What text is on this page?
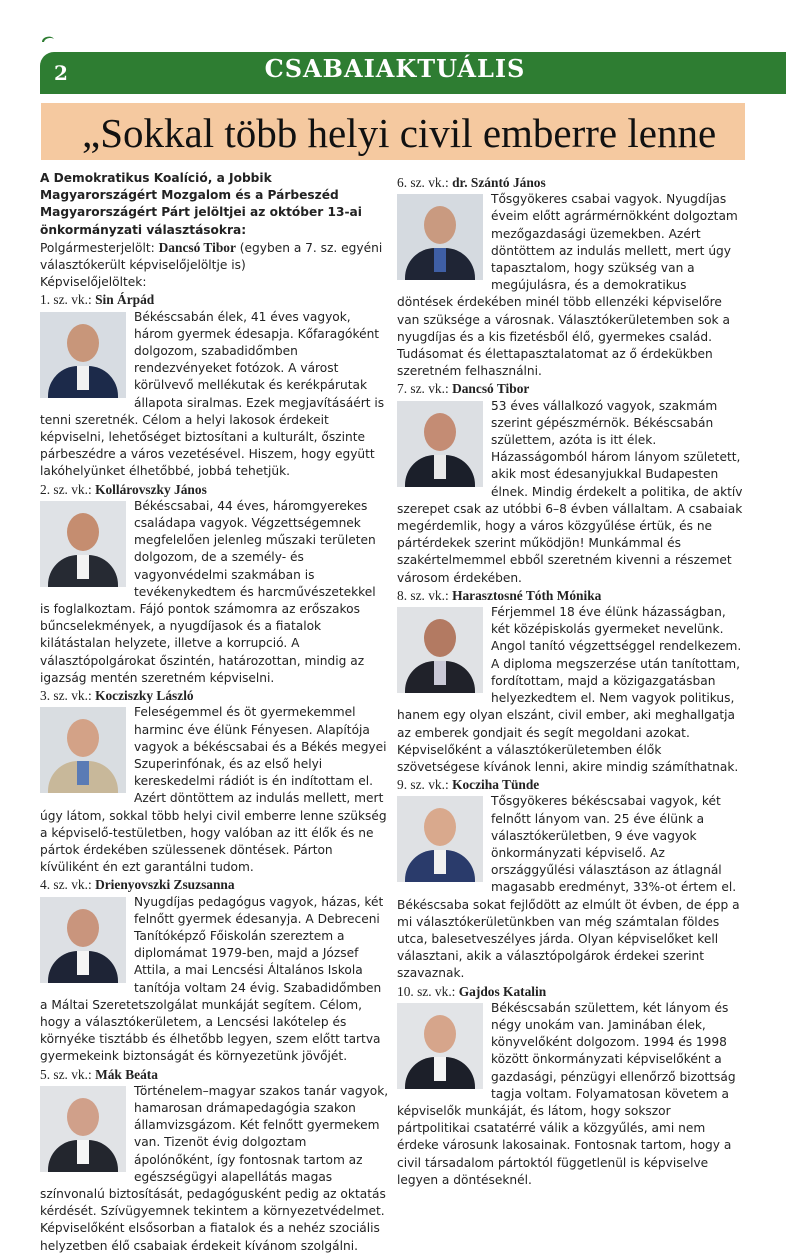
2	CSABAIAKTUÁLIS
„Sokkal több helyi civil emberre lenne

A Demokratikus Koalíció, a Jobbik Magyarországért Mozgalom és a Párbeszéd Magyarországért Párt jelöltjei az október 13-ai önkormányzati választásokra:

Polgármesterjelölt: Dancsó Tibor (egyben a 7. sz. egyéni választókerült képviselőjelöltje is)

Képviselőjelöltek:

1. sz. vk.: Sin Árpád

Békéscsabán élek, 41 éves vagyok, három gyermek édesapja. Kőfaragóként dolgozom, szabadidőmben rendezvényeket fotózok. A várost körülvevő mellékutak és kerékpárutak állapota siralmas. Ezek megjavításáért is tenni szeretnék. Célom a helyi lakosok érdekeit képviselni, lehetőséget biztosítani a kulturált, őszinte párbeszédre a város vezetésével. Hiszem, hogy együtt lakóhelyünket élhetőbbé, jobbá tehetjük.

2. sz. vk.: Kollárovszky János

Békéscsabai, 44 éves, háromgyerekes családapa vagyok. Végzettségemnek megfelelően jelenleg műszaki területen dolgozom, de a személy- és vagyonvédelmi szakmában is tevékenykedtem és harcművészetekkel is foglalkoztam. Fájó pontok számomra az erőszakos bűncselekmények, a nyugdíjasok és a fiatalok kilátástalan helyzete, illetve a korrupció. A választópolgárokat őszintén, határozottan, mindig az igazság mentén szeretném képviselni.

3. sz. vk.: Kocziszky László

Feleségemmel és öt gyermekemmel harminc éve élünk Fényesen. Alapítója vagyok a békéscsabai és a Békés megyei Szuperinfónak, és az első helyi kereskedelmi rádiót is én indítottam el. Azért döntöttem az indulás mellett, mert úgy látom, sokkal több helyi civil emberre lenne szükség a képviselő-testületben, hogy valóban az itt élők és ne pártok érdekében szülessenek döntések. Párton kívüliként én ezt garantálni tudom.

4. sz. vk.: Drienyovszki Zsuzsanna

Nyugdíjas pedagógus vagyok, házas, két felnőtt gyermek édesanyja. A Debreceni Tanítóképző Főiskolán szereztem a diplomámat 1979-ben, majd a József Attila, a mai Lencsési Általános Iskola tanítója voltam 24 évig. Szabadidőmben a Máltai Szeretetszolgálat munkáját segítem. Célom, hogy a választókerületem, a Lencsési lakótelep és környéke tisztább és élhetőbb legyen, szem előtt tartva gyermekeink biztonságát és környezetünk jövőjét.

5. sz. vk.: Mák Beáta

Történelem–magyar szakos tanár vagyok, hamarosan drámapedagógia szakon államvizsgázom. Két felnőtt gyermekem van. Tizenöt évig dolgoztam ápolónőként, így fontosnak tartom az egészségügyi alapellátás magas színvonalú biztosítását, pedagógusként pedig az oktatás kérdését. Szívügyemnek tekintem a környezetvédelmet. Képviselőként elsősorban a fiatalok és a nehéz szociális helyzetben élő csabaiak érdekeit kívánom szolgálni.

6. sz. vk.: dr. Szántó János

Tősgyökeres csabai vagyok. Nyugdíjas éveim előtt agrármérnökként dolgoztam mezőgazdasági üzemekben. Azért döntöttem az indulás mellett, mert úgy tapasztalom, hogy szükség van a megújulásra, és a demokratikus döntések érdekében minél több ellenzéki képviselőre van szüksége a városnak. Választókerületemben sok a nyugdíjas és a kis fizetésből élő, gyermekes család. Tudásomat és élettapasztalatomat az ő érdekükben szeretném felhasználni.

7. sz. vk.: Dancsó Tibor

53 éves vállalkozó vagyok, szakmám szerint gépészmérnök. Békéscsabán születtem, azóta is itt élek. Házasságomból három lányom született, akik most édesanyjukkal Budapesten élnek. Mindig érdekelt a politika, de aktív szerepet csak az utóbbi 6–8 évben vállaltam. A csabaiak megérdemlik, hogy a város közgyűlése értük, és ne pártérdekek szerint működjön! Munkámmal és szakértelmemmel ebből szeretném kivenni a részemet városom érdekében.

8. sz. vk.: Harasztosné Tóth Mónika

Férjemmel 18 éve élünk házasságban, két középiskolás gyermeket nevelünk. Angol tanító végzettséggel rendelkezem. A diploma megszerzése után tanítottam, fordítottam, majd a közigazgatásban helyezkedtem el. Nem vagyok politikus, hanem egy olyan elszánt, civil ember, aki meghallgatja az emberek gondjait és segít megoldani azokat. Képviselőként a választókerületemben élők szövetségese kívánok lenni, akire mindig számíthatnak.

9. sz. vk.: Kocziha Tünde

Tősgyökeres békéscsabai vagyok, két felnőtt lányom van. 25 éve élünk a választókerületben, 9 éve vagyok önkormányzati képviselő. Az országgyűlési választáson az átlagnál magasabb eredményt, 33%-ot értem el. Békéscsaba sokat fejlődött az elmúlt öt évben, de épp a mi választókerületünkben van még számtalan földes utca, balesetveszélyes járda. Olyan képviselőket kell választani, akik a választópolgárok érdekei szerint szavaznak.

10. sz. vk.: Gajdos Katalin

Békéscsabán születtem, két lányom és négy unokám van. Jaminában élek, könyvelőként dolgozom. 1994 és 1998 között önkormányzati képviselőként a gazdasági, pénzügyi ellenőrző bizottság tagja voltam. Folyamatosan követem a képviselők munkáját, és látom, hogy sokszor pártpolitikai csatatérré válik a közgyűlés, ami nem érdeke városunk lakosainak. Fontosnak tartom, hogy a civil társadalom pártoktól függetlenül is képviselve legyen a döntéseknél.
